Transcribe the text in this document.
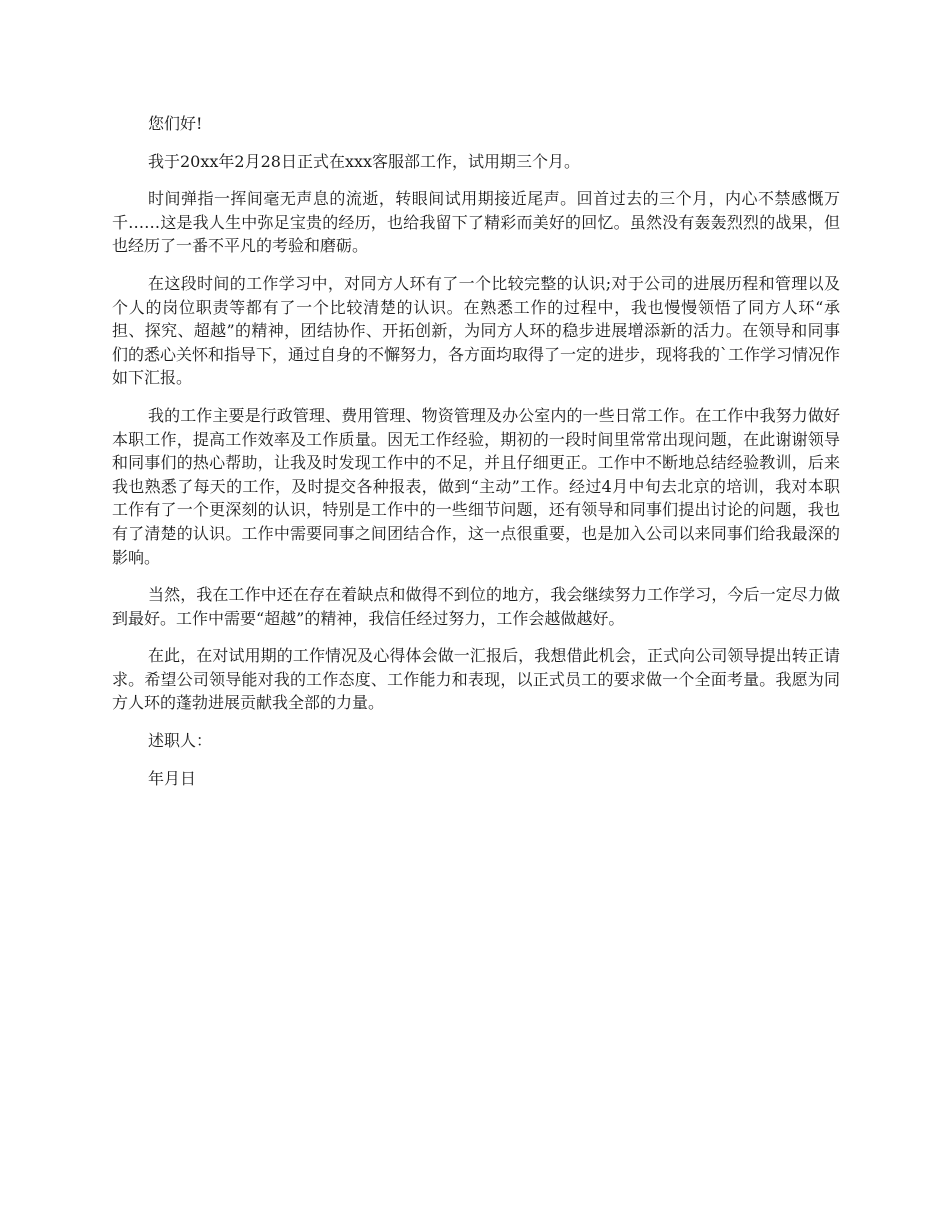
您们好!

我于20xx年2月28日正式在xxx客服部工作，试用期三个月。

时间弹指一挥间毫无声息的流逝，转眼间试用期接近尾声。回首过去的三个月，内心不禁感慨万千……这是我人生中弥足宝贵的经历，也给我留下了精彩而美好的回忆。虽然没有轰轰烈烈的战果，但也经历了一番不平凡的考验和磨砺。

在这段时间的工作学习中，对同方人环有了一个比较完整的认识;对于公司的进展历程和管理以及个人的岗位职责等都有了一个比较清楚的认识。在熟悉工作的过程中，我也慢慢领悟了同方人环“承担、探究、超越”的精神，团结协作、开拓创新，为同方人环的稳步进展增添新的活力。在领导和同事们的悉心关怀和指导下，通过自身的不懈努力，各方面均取得了一定的进步，现将我的`工作学习情况作如下汇报。

我的工作主要是行政管理、费用管理、物资管理及办公室内的一些日常工作。在工作中我努力做好本职工作，提高工作效率及工作质量。因无工作经验，期初的一段时间里常常出现问题，在此谢谢领导和同事们的热心帮助，让我及时发现工作中的不足，并且仔细更正。工作中不断地总结经验教训，后来我也熟悉了每天的工作，及时提交各种报表，做到“主动”工作。经过4月中旬去北京的培训，我对本职工作有了一个更深刻的认识，特别是工作中的一些细节问题，还有领导和同事们提出讨论的问题，我也有了清楚的认识。工作中需要同事之间团结合作，这一点很重要，也是加入公司以来同事们给我最深的影响。

当然，我在工作中还在存在着缺点和做得不到位的地方，我会继续努力工作学习，今后一定尽力做到最好。工作中需要“超越”的精神，我信任经过努力，工作会越做越好。

在此，在对试用期的工作情况及心得体会做一汇报后，我想借此机会，正式向公司领导提出转正请求。希望公司领导能对我的工作态度、工作能力和表现，以正式员工的要求做一个全面考量。我愿为同方人环的蓬勃进展贡献我全部的力量。

述职人：

年月日
